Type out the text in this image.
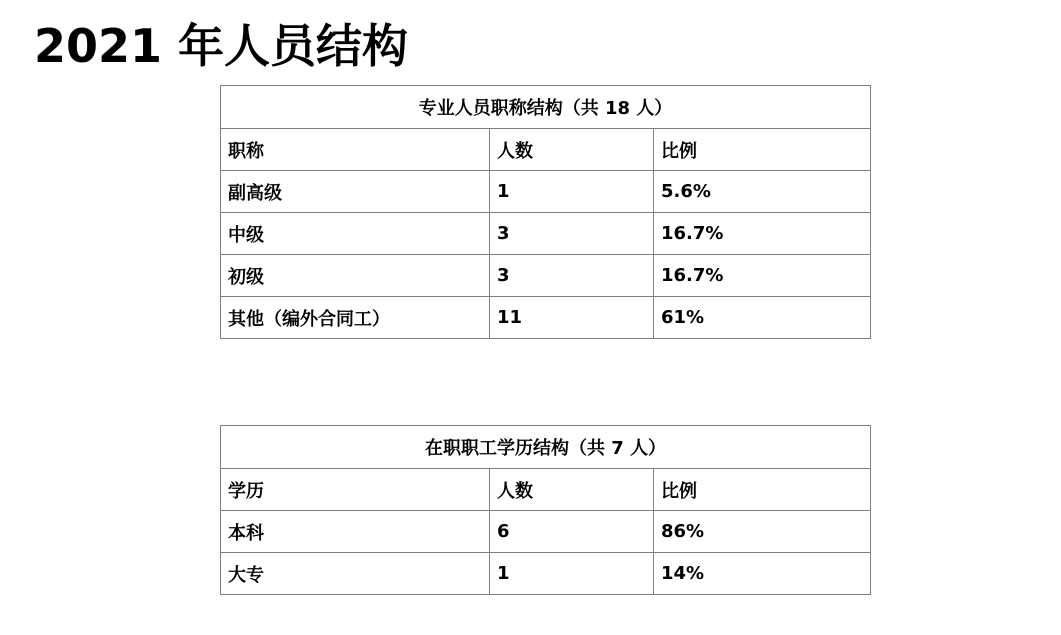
2021 年人员结构
专业人员职称结构（共 18 人）		
职称	人数	比例
副高级	1	5.6%
中级	3	16.7%
初级	3	16.7%
其他（编外合同工）	11	61%
在职职工学历结构（共 7 人）		
学历	人数	比例
本科	6	86%
大专	1	14%
